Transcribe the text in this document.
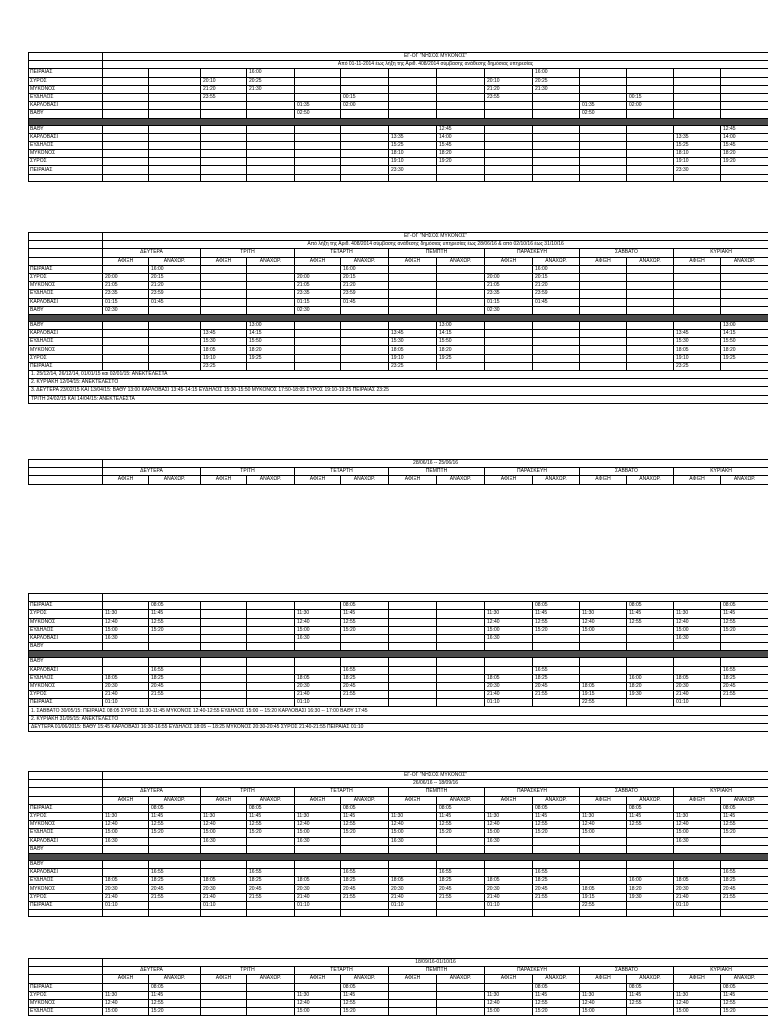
	ΕΓ-ΟΓ "ΝΗΣΟΣ ΜΥΚΟΝΟΣ"													
	Από 01-11-2014 έως λήξη της Αριθ. 408/2014 σύμβασης ανάθεσης δημόσιας υπηρεσίας													
ΠΕΙΡΑΙΑΣ				16:00						16:00				
ΣΥΡΟΣ			20:10	20:25					20:10	20:25				
ΜΥΚΟΝΟΣ			21:20	21:30					21:20	21:30				
ΕΥΔΗΛΟΣ			23:55			00:15			23:55			00:15		
ΚΑΡΛΟΒΑΣΙ					01:35	02:00					01:35	02:00		
ΒΑΘΥ					02:50						02:50			

ΒΑΘΥ								12:45						12:45
ΚΑΡΛΟΒΑΣΙ							13:35	14:00					13:35	14:00
ΕΥΔΗΛΟΣ							15:25	15:45					15:25	15:45
ΜΥΚΟΝΟΣ							18:10	18:20					18:10	18:20
ΣΥΡΟΣ							19:10	19:20					19:10	19:20
ΠΕΙΡΑΙΑΣ							23:30						23:30	

	ΕΓ-ΟΓ "ΝΗΣΟΣ ΜΥΚΟΝΟΣ"													
	Από λήξη της Αριθ. 408/2014 σύμβασης ανάθεσης δημόσιας υπηρεσίας έως 28/06/16 & από 02/10/16 έως 31/10/16													
	ΔΕΥΤΕΡΑ		ΤΡΙΤΗ		ΤΕΤΑΡΤΗ		ΠΕΜΠΤΗ		ΠΑΡΑΣΚΕΥΗ		ΣΑΒΒΑΤΟ		ΚΥΡΙΑΚΗ	
	ΑΦΙΞΗ	ΑΝΑΧΩΡ.	ΑΦΙΞΗ	ΑΝΑΧΩΡ.	ΑΦΙΞΗ	ΑΝΑΧΩΡ.	ΑΦΙΞΗ	ΑΝΑΧΩΡ.	ΑΦΙΞΗ	ΑΝΑΧΩΡ.	ΑΦΙΞΗ	ΑΝΑΧΩΡ.	ΑΦΙΞΗ	ΑΝΑΧΩΡ.
ΠΕΙΡΑΙΑΣ		16:00				16:00				16:00				
ΣΥΡΟΣ	20:00	20:15			20:00	20:15			20:00	20:15				
ΜΥΚΟΝΟΣ	21:05	21:20			21:05	21:20			21:05	21:20				
ΕΥΔΗΛΟΣ	23:35	23:59			23:35	23:59			23:35	23:59				
ΚΑΡΛΟΒΑΣΙ	01:15	01:45			01:15	01:45			01:15	01:45				
ΒΑΘΥ	02:30				02:30				02:30					

ΒΑΘΥ				13:00				13:00						13:00
ΚΑΡΛΟΒΑΣΙ			13:45	14:15			13:45	14:15					13:45	14:15
ΕΥΔΗΛΟΣ			15:30	15:50			15:30	15:50					15:30	15:50
ΜΥΚΟΝΟΣ			18:05	18:20			18:05	18:20					18:05	18:20
ΣΥΡΟΣ			19:10	19:25			19:10	19:25					19:10	19:25
ΠΕΙΡΑΙΑΣ			23:25				23:25						23:25	
1. 25/12/14, 26/12/14, 01/01/15 και 02/01/15: ΑΝΕΚΤΕΛΕΣΤΑ														
2. ΚΥΡΙΑΚΗ 12/04/15: ΑΝΕΚΤΕΛΕΣΤΟ														
3. ΔΕΥΤΕΡΑ 23/02/15 ΚΑΙ 13/04/15: ΒΑΘΥ 13:00 ΚΑΡΛΟΒΑΣΙ 13:45-14:15 ΕΥΔΗΛΟΣ 15:30-15:50 ΜΥΚΟΝΟΣ 17:50-18:05 ΣΥΡΟΣ 19:10-19:25 ΠΕΙΡΑΙΑΣ 23:25														
ΤΡΙΤΗ 24/02/15 ΚΑΙ 14/04/15: ΑΝΕΚΤΕΛΕΣΤΑ														
	28/06/16 -- 25/06/16													
	ΔΕΥΤΕΡΑ		ΤΡΙΤΗ		ΤΕΤΑΡΤΗ		ΠΕΜΠΤΗ		ΠΑΡΑΣΚΕΥΗ		ΣΑΒΒΑΤΟ		ΚΥΡΙΑΚΗ	
	ΑΦΙΞΗ	ΑΝΑΧΩΡ.	ΑΦΙΞΗ	ΑΝΑΧΩΡ.	ΑΦΙΞΗ	ΑΝΑΧΩΡ.	ΑΦΙΞΗ	ΑΝΑΧΩΡ.	ΑΦΙΞΗ	ΑΝΑΧΩΡ.	ΑΦΙΞΗ	ΑΝΑΧΩΡ.	ΑΦΙΞΗ	ΑΝΑΧΩΡ.

ΠΕΙΡΑΙΑΣ		08:05				08:05				08:05		08:05		08:05
ΣΥΡΟΣ	11:30	11:45			11:30	11:45			11:30	11:45	11:30	11:45	11:30	11:45
ΜΥΚΟΝΟΣ	12:40	12:55			12:40	12:55			12:40	12:55	12:40	12:55	12:40	12:55
ΕΥΔΗΛΟΣ	15:00	15:20			15:00	15:20			15:00	15:20	15:00		15:00	15:20
ΚΑΡΛΟΒΑΣΙ	16:30				16:30				16:30				16:30	
ΒΑΘΥ														

ΒΑΘΥ														
ΚΑΡΛΟΒΑΣΙ		16:55				16:55				16:55				16:55
ΕΥΔΗΛΟΣ	18:05	18:25			18:05	18:25			18:05	18:25		16:00	18:05	18:25
ΜΥΚΟΝΟΣ	20:30	20:45			20:30	20:45			20:30	20:45	18:05	18:20	20:30	20:45
ΣΥΡΟΣ	21:40	21:55			21:40	21:55			21:40	21:55	19:15	19:30	21:40	21:55
ΠΕΙΡΑΙΑΣ	01:10				01:10				01:10		22:55		01:10	
1. ΣΑΒΒΑΤΟ 30/05/15: ΠΕΙΡΑΙΑΣ 08:05 ΣΥΡΟΣ 11:30-11:45 ΜΥΚΟΝΟΣ 12:40-12:55 ΕΥΔΗΛΟΣ 15:00 -- 15:20 ΚΑΡΛΟΒΑΣΙ 16:30 -- 17:00 ΒΑΘΥ 17:45														
2. ΚΥΡΙΑΚΗ 31/05/15: ΑΝΕΚΤΕΛΕΣΤΟ														
ΔΕΥΤΕΡΑ 01/06/2015: ΒΑΘΥ 15:45 ΚΑΡΛΟΒΑΣΙ 16:30-16:55 ΕΥΔΗΛΟΣ 18:05 -- 18:25 ΜΥΚΟΝΟΣ 20:30-20:45 ΣΥΡΟΣ 21:40-21:55 ΠΕΙΡΑΙΑΣ 01:10														
	ΕΓ-ΟΓ "ΝΗΣΟΣ ΜΥΚΟΝΟΣ"													
	26/06/16 -- 18/09/16													
	ΔΕΥΤΕΡΑ		ΤΡΙΤΗ		ΤΕΤΑΡΤΗ		ΠΕΜΠΤΗ		ΠΑΡΑΣΚΕΥΗ		ΣΑΒΒΑΤΟ		ΚΥΡΙΑΚΗ	
	ΑΦΙΞΗ	ΑΝΑΧΩΡ.	ΑΦΙΞΗ	ΑΝΑΧΩΡ.	ΑΦΙΞΗ	ΑΝΑΧΩΡ.	ΑΦΙΞΗ	ΑΝΑΧΩΡ.	ΑΦΙΞΗ	ΑΝΑΧΩΡ.	ΑΦΙΞΗ	ΑΝΑΧΩΡ.	ΑΦΙΞΗ	ΑΝΑΧΩΡ.
ΠΕΙΡΑΙΑΣ		08:05		08:05		08:05		08:05		08:05		08:05		08:05
ΣΥΡΟΣ	11:30	11:45	11:30	11:45	11:30	11:45	11:30	11:45	11:30	11:45	11:30	11:45	11:30	11:45
ΜΥΚΟΝΟΣ	12:40	12:55	12:40	12:55	12:40	12:55	12:40	12:55	12:40	12:55	12:40	12:55	12:40	12:55
ΕΥΔΗΛΟΣ	15:00	15:20	15:00	15:20	15:00	15:20	15:00	15:20	15:00	15:20	15:00		15:00	15:20
ΚΑΡΛΟΒΑΣΙ	16:30		16:30		16:30		16:30		16:30				16:30	
ΒΑΘΥ														

ΒΑΘΥ														
ΚΑΡΛΟΒΑΣΙ		16:55		16:55		16:55		16:55		16:55				16:55
ΕΥΔΗΛΟΣ	18:05	18:25	18:05	18:25	18:05	18:25	18:05	18:25	18:05	18:25		16:00	18:05	18:25
ΜΥΚΟΝΟΣ	20:30	20:45	20:30	20:45	20:30	20:45	20:30	20:45	20:30	20:45	18:05	18:20	20:30	20:45
ΣΥΡΟΣ	21:40	21:55	21:40	21:55	21:40	21:55	21:40	21:55	21:40	21:55	19:15	19:30	21:40	21:55
ΠΕΙΡΑΙΑΣ	01:10		01:10		01:10		01:10		01:10		22:55		01:10	

	18/09/16-01/10/16													
	ΔΕΥΤΕΡΑ		ΤΡΙΤΗ		ΤΕΤΑΡΤΗ		ΠΕΜΠΤΗ		ΠΑΡΑΣΚΕΥΗ		ΣΑΒΒΑΤΟ		ΚΥΡΙΑΚΗ	
	ΑΦΙΞΗ	ΑΝΑΧΩΡ.	ΑΦΙΞΗ	ΑΝΑΧΩΡ.	ΑΦΙΞΗ	ΑΝΑΧΩΡ.	ΑΦΙΞΗ	ΑΝΑΧΩΡ.	ΑΦΙΞΗ	ΑΝΑΧΩΡ.	ΑΦΙΞΗ	ΑΝΑΧΩΡ.	ΑΦΙΞΗ	ΑΝΑΧΩΡ.
ΠΕΙΡΑΙΑΣ		08:05				08:05				08:05		08:05		08:05
ΣΥΡΟΣ	11:30	11:45			11:30	11:45			11:30	11:45	11:30	11:45	11:30	11:45
ΜΥΚΟΝΟΣ	12:40	12:55			12:40	12:55			12:40	12:55	12:40	12:55	12:40	12:55
ΕΥΔΗΛΟΣ	15:00	15:20			15:00	15:20			15:00	15:20	15:00		15:00	15:20
